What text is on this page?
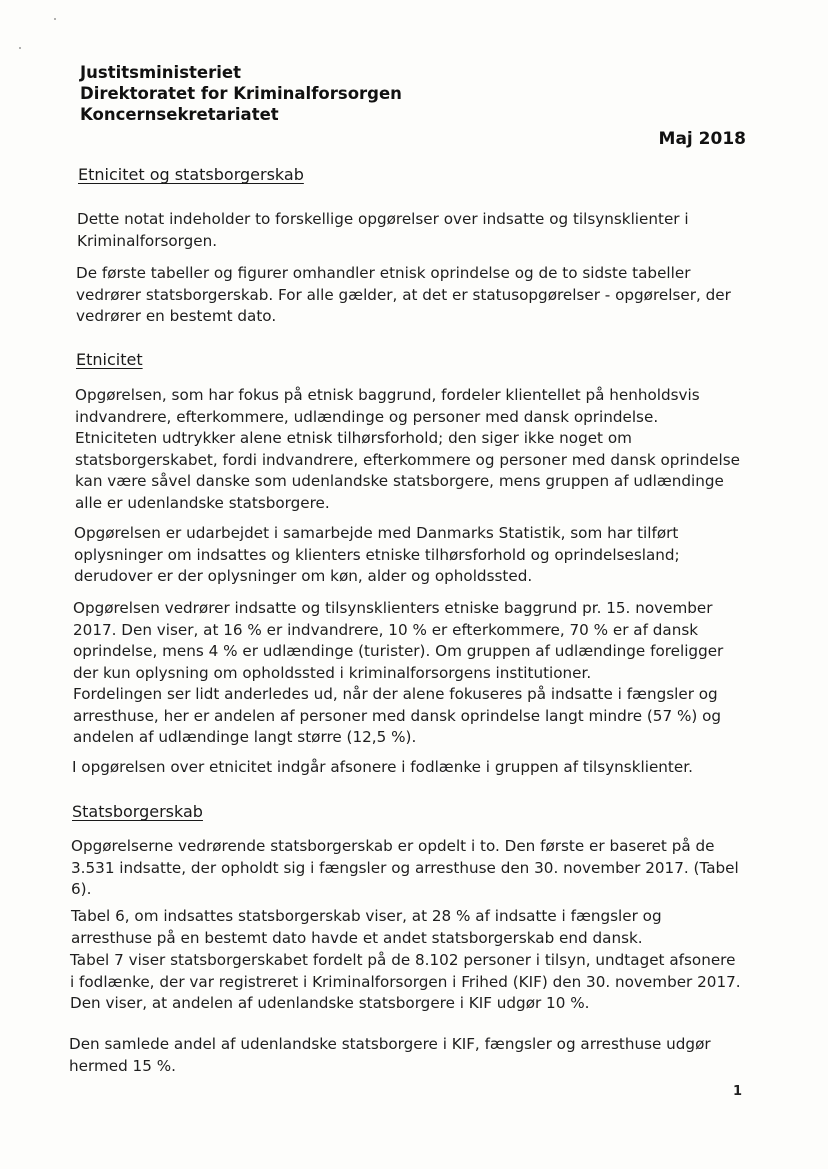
Justitsministeriet
Direktoratet for Kriminalforsorgen
Koncernsekretariatet
Maj 2018
Etnicitet og statsborgerskab
Dette notat indeholder to forskellige opgørelser over indsatte og tilsynsklienter i Kriminalforsorgen.
De første tabeller og figurer omhandler etnisk oprindelse og de to sidste tabeller vedrører statsborgerskab. For alle gælder, at det er statusopgørelser - opgørelser, der vedrører en bestemt dato.
Etnicitet
Opgørelsen, som har fokus på etnisk baggrund, fordeler klientellet på henholdsvis indvandrere, efterkommere, udlændinge og personer med dansk oprindelse. Etniciteten udtrykker alene etnisk tilhørsforhold; den siger ikke noget om statsborgerskabet, fordi indvandrere, efterkommere og personer med dansk oprindelse kan være såvel danske som udenlandske statsborgere, mens gruppen af udlændinge alle er udenlandske statsborgere.
Opgørelsen er udarbejdet i samarbejde med Danmarks Statistik, som har tilført oplysninger om indsattes og klienters etniske tilhørsforhold og oprindelsesland; derudover er der oplysninger om køn, alder og opholdssted.

Opgørelsen vedrører indsatte og tilsynsklienters etniske baggrund pr. 15. november 2017. Den viser, at 16 % er indvandrere, 10 % er efterkommere, 70 % er af dansk oprindelse, mens 4 % er udlændinge (turister). Om gruppen af udlændinge foreligger der kun oplysning om opholdssted i kriminalforsorgens institutioner.

Fordelingen ser lidt anderledes ud, når der alene fokuseres på indsatte i fængsler og arresthuse, her er andelen af personer med dansk oprindelse langt mindre (57 %) og andelen af udlændinge langt større (12,5 %).

I opgørelsen over etnicitet indgår afsonere i fodlænke i gruppen af tilsynsklienter.
Statsborgerskab
Opgørelserne vedrørende statsborgerskab er opdelt i to. Den første er baseret på de 3.531 indsatte, der opholdt sig i fængsler og arresthuse den 30. november 2017. (Tabel 6).
Tabel 6, om indsattes statsborgerskab viser, at 28 % af indsatte i fængsler og arresthuse på en bestemt dato havde et andet statsborgerskab end dansk.
Tabel 7 viser statsborgerskabet fordelt på de 8.102 personer i tilsyn, undtaget afsonere i fodlænke, der var registreret i Kriminalforsorgen i Frihed (KIF) den 30. november 2017. Den viser, at andelen af udenlandske statsborgere i KIF udgør 10 %.
Den samlede andel af udenlandske statsborgere i KIF, fængsler og arresthuse udgør hermed 15 %.
1
